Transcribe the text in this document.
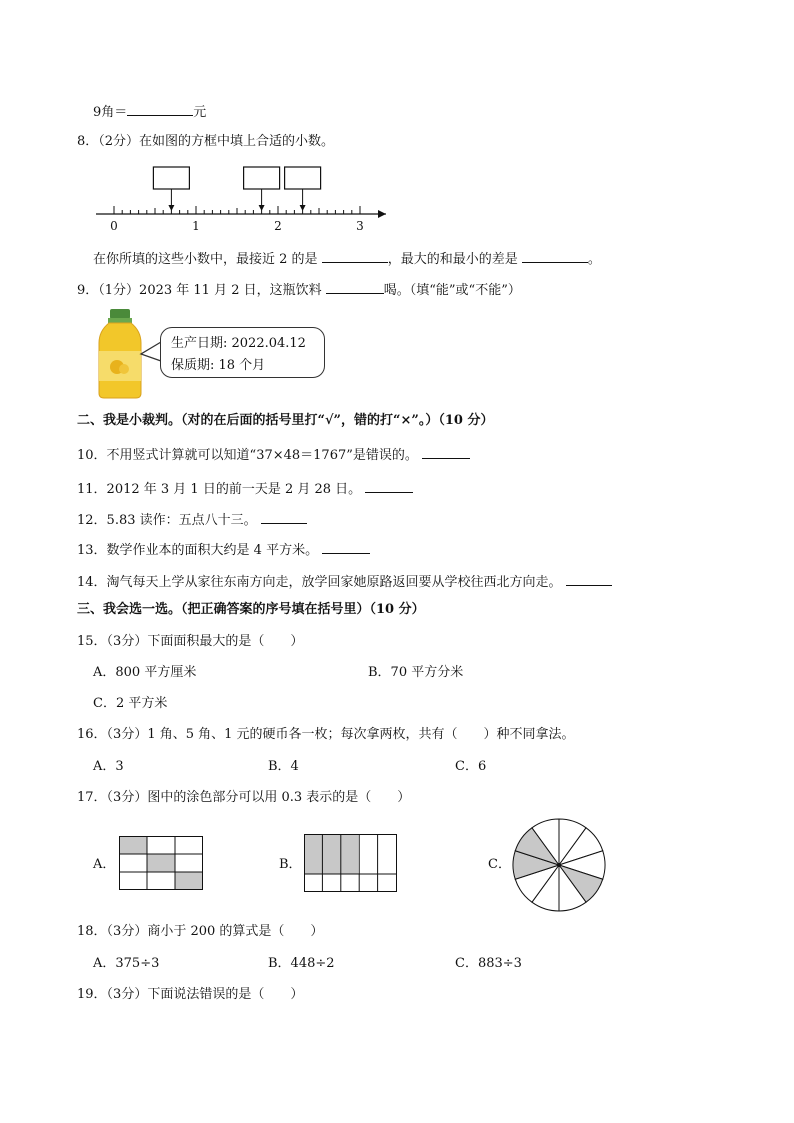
9角＝	元
8．（2分）在如图的方框中填上合适的小数。
0	1	2	3
在你所填的这些小数中，最接近 2 的是	，最大的和最小的差是	。
9．（1分）2023 年 11 月 2 日，这瓶饮料	喝。（填“能”或“不能”）
生产日期: 2022.04.12
保质期: 18 个月
二、我是小裁判。（对的在后面的括号里打“√”，错的打“×”。）（10 分）
10．不用竖式计算就可以知道“37×48＝1767”是错误的。
11．2012 年 3 月 1 日的前一天是 2 月 28 日。
12．5.83 读作：五点八十三。
13．数学作业本的面积大约是 4 平方米。
14．淘气每天上学从家往东南方向走，放学回家她原路返回要从学校往西北方向走。
三、我会选一选。（把正确答案的序号填在括号里）（10 分）
15．（3分）下面面积最大的是（　　）
A．800 平方厘米	B．70 平方分米
C．2 平方米
16．（3分）1 角、5 角、1 元的硬币各一枚；每次拿两枚，共有（　　）种不同拿法。
A．3	B．4	C．6
17．（3分）图中的涂色部分可以用 0.3 表示的是（　　）
A．	B．	C．
18．（3分）商小于 200 的算式是（　　）
A．375÷3	B．448÷2	C．883÷3
19．（3分）下面说法错误的是（　　）
